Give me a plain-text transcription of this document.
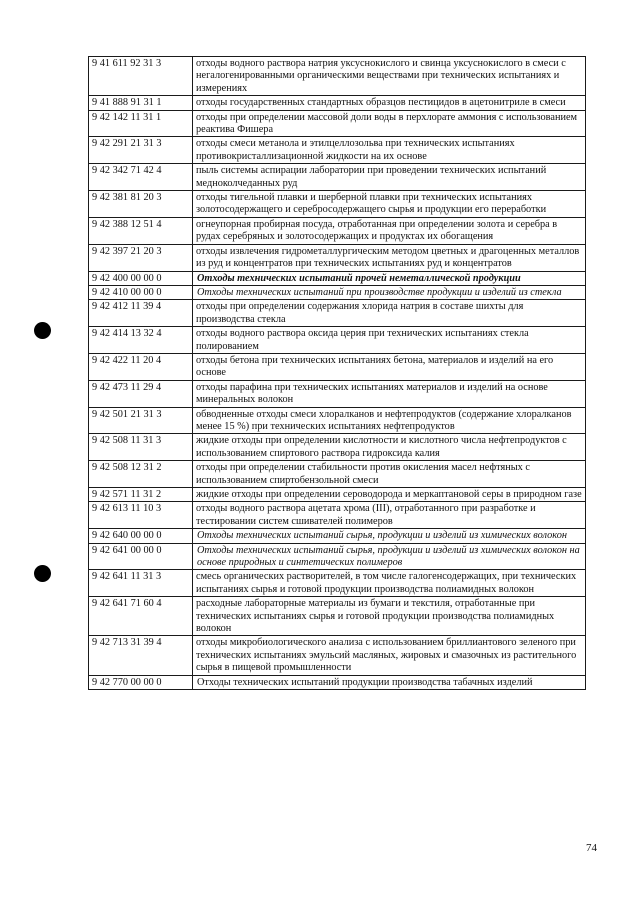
9 41 611 92 31 3	отходы водного раствора натрия уксуснокислого и свинца уксуснокислого в смеси с негалогенированными органическими веществами при технических испытаниях и измерениях
9 41 888 91 31 1	отходы государственных стандартных образцов пестицидов в ацетонитриле в смеси
9 42 142 11 31 1	отходы при определении массовой доли воды в перхлорате аммония с использованием реактива Фишера
9 42 291 21 31 3	отходы смеси метанола и этилцеллозольва при технических испытаниях противокристаллизационной жидкости на их основе
9 42 342 71 42 4	пыль системы аспирации лаборатории при проведении технических испытаний медноколчеданных руд
9 42 381 81 20 3	отходы тигельной плавки и шерберной плавки при технических испытаниях золотосодержащего и серебросодержащего сырья и продукции его переработки
9 42 388 12 51 4	огнеупорная пробирная посуда, отработанная при определении золота и серебра в рудах серебряных и золотосодержащих и продуктах их обогащения
9 42 397 21 20 3	отходы извлечения гидрометаллургическим методом цветных и драгоценных металлов из руд и концентратов при технических испытаниях руд и концентратов
9 42 400 00 00 0	Отходы технических испытаний прочей неметаллической продукции
9 42 410 00 00 0	Отходы технических испытаний при производстве продукции и изделий из стекла
9 42 412 11 39 4	отходы при определении содержания хлорида натрия в составе шихты для производства стекла
9 42 414 13 32 4	отходы водного раствора оксида церия при технических испытаниях стекла полированием
9 42 422 11 20 4	отходы бетона при технических испытаниях бетона, материалов и изделий на его основе
9 42 473 11 29 4	отходы парафина при технических испытаниях материалов и изделий на основе минеральных волокон
9 42 501 21 31 3	обводненные отходы смеси хлоралканов и нефтепродуктов (содержание хлоралканов менее 15 %) при технических испытаниях нефтепродуктов
9 42 508 11 31 3	жидкие отходы при определении кислотности и кислотного числа нефтепродуктов с использованием спиртового раствора гидроксида калия
9 42 508 12 31 2	отходы при определении стабильности против окисления масел нефтяных с использованием спиртобензольной смеси
9 42 571 11 31 2	жидкие отходы при определении сероводорода и меркаптановой серы в природном газе
9 42 613 11 10 3	отходы водного раствора ацетата хрома (III), отработанного при разработке и тестировании систем сшивателей полимеров
9 42 640 00 00 0	Отходы технических испытаний сырья, продукции и изделий из химических волокон
9 42 641 00 00 0	Отходы технических испытаний сырья, продукции и изделий из химических волокон на основе природных и синтетических полимеров
9 42 641 11 31 3	смесь органических растворителей, в том числе галогенсодержащих, при технических испытаниях сырья и готовой продукции производства полиамидных волокон
9 42 641 71 60 4	расходные лабораторные материалы из бумаги и текстиля, отработанные при технических испытаниях сырья и готовой продукции производства полиамидных волокон
9 42 713 31 39 4	отходы микробиологического анализа с использованием бриллиантового зеленого при технических испытаниях эмульсий масляных, жировых и смазочных из растительного сырья в пищевой промышленности
9 42 770 00 00 0	Отходы технических испытаний продукции производства табачных изделий
74
